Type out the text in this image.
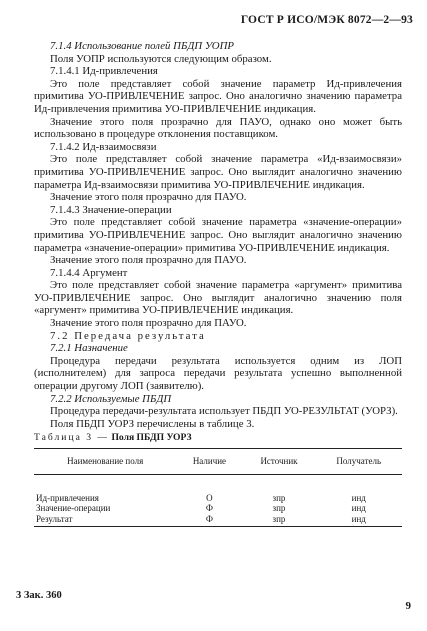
ГОСТ Р ИСО/МЭК 8072—2—93

7.1.4 Использование полей ПБДП УОПР

Поля УОПР используются следующим образом.

7.1.4.1 Ид-привлечения

Это поле представляет собой значение параметр Ид-привлечения примитива УО-ПРИВЛЕЧЕНИЕ запрос. Оно аналогично значению параметра Ид-привлечения примитива УО-ПРИВЛЕЧЕНИЕ индикация.

Значение этого поля прозрачно для ПАУО, однако оно может быть использовано в процедуре отклонения поставщиком.

7.1.4.2 Ид-взаимосвязи

Это поле представляет собой значение параметра «Ид-взаимосвязи» примитива УО-ПРИВЛЕЧЕНИЕ запрос. Оно выглядит аналогично значению параметра Ид-взаимосвязи примитива УО-ПРИВЛЕЧЕНИЕ индикация.

Значение этого поля прозрачно для ПАУО.

7.1.4.3 Значение-операции

Это поле представляет собой значение параметра «значение-операции» примитива УО-ПРИВЛЕЧЕНИЕ запрос. Оно выглядит аналогично значению параметра «значение-операции» примитива УО-ПРИВЛЕЧЕНИЕ индикация.

Значение этого поля прозрачно для ПАУО.

7.1.4.4 Аргумент

Это поле представляет собой значение параметра «аргумент» примитива УО-ПРИВЛЕЧЕНИЕ запрос. Оно выглядит аналогично значению поля «аргумент» примитива УО-ПРИВЛЕЧЕНИЕ индикация.

Значение этого поля прозрачно для ПАУО.

7.2 Передача результата

7.2.1 Назначение

Процедура передачи результата используется одним из ЛОП (исполнителем) для запроса передачи результата успешно выполненной операции другому ЛОП (заявителю).

7.2.2 Используемые ПБДП

Процедура передачи-результата использует ПБДП УО-РЕЗУЛЬТАТ (УОРЗ).

Поля ПБДП УОРЗ перечислены в таблице 3.

Таблица 3 — Поля ПБДП УОРЗ

Наименование поля	Наличие	Источник	Получатель

Ид-привлечения	О	зпр	инд
Значение-операции	Ф	зпр	инд
Результат	Ф	зпр	инд
3 Зак. 360
9
